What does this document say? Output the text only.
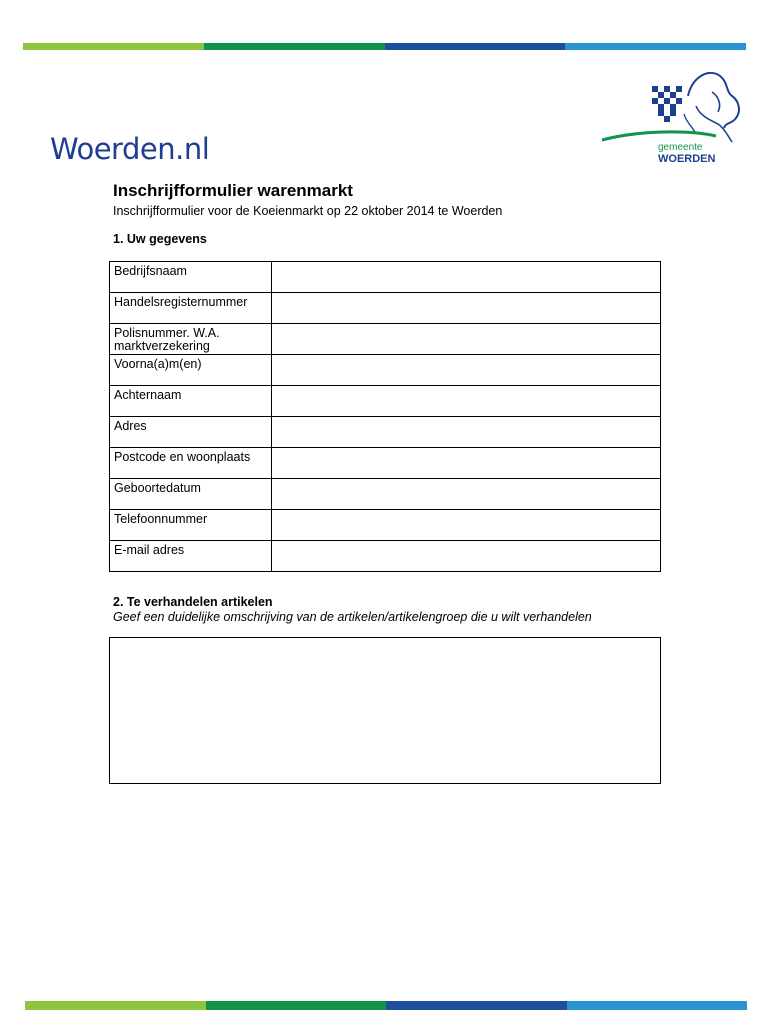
Woerden.nl	gemeente
WOERDEN
Inschrijfformulier warenmarkt
Inschrijfformulier voor de Koeienmarkt op 22 oktober 2014 te Woerden
1. Uw gegevens
Bedrijfsnaam	
Handelsregisternummer	
Polisnummer. W.A. marktverzekering	
Voorna(a)m(en)	
Achternaam	
Adres	
Postcode en woonplaats	
Geboortedatum	
Telefoonnummer	
E-mail adres	
2. Te verhandelen artikelen
Geef een duidelijke omschrijving van de artikelen/artikelengroep die u wilt verhandelen
